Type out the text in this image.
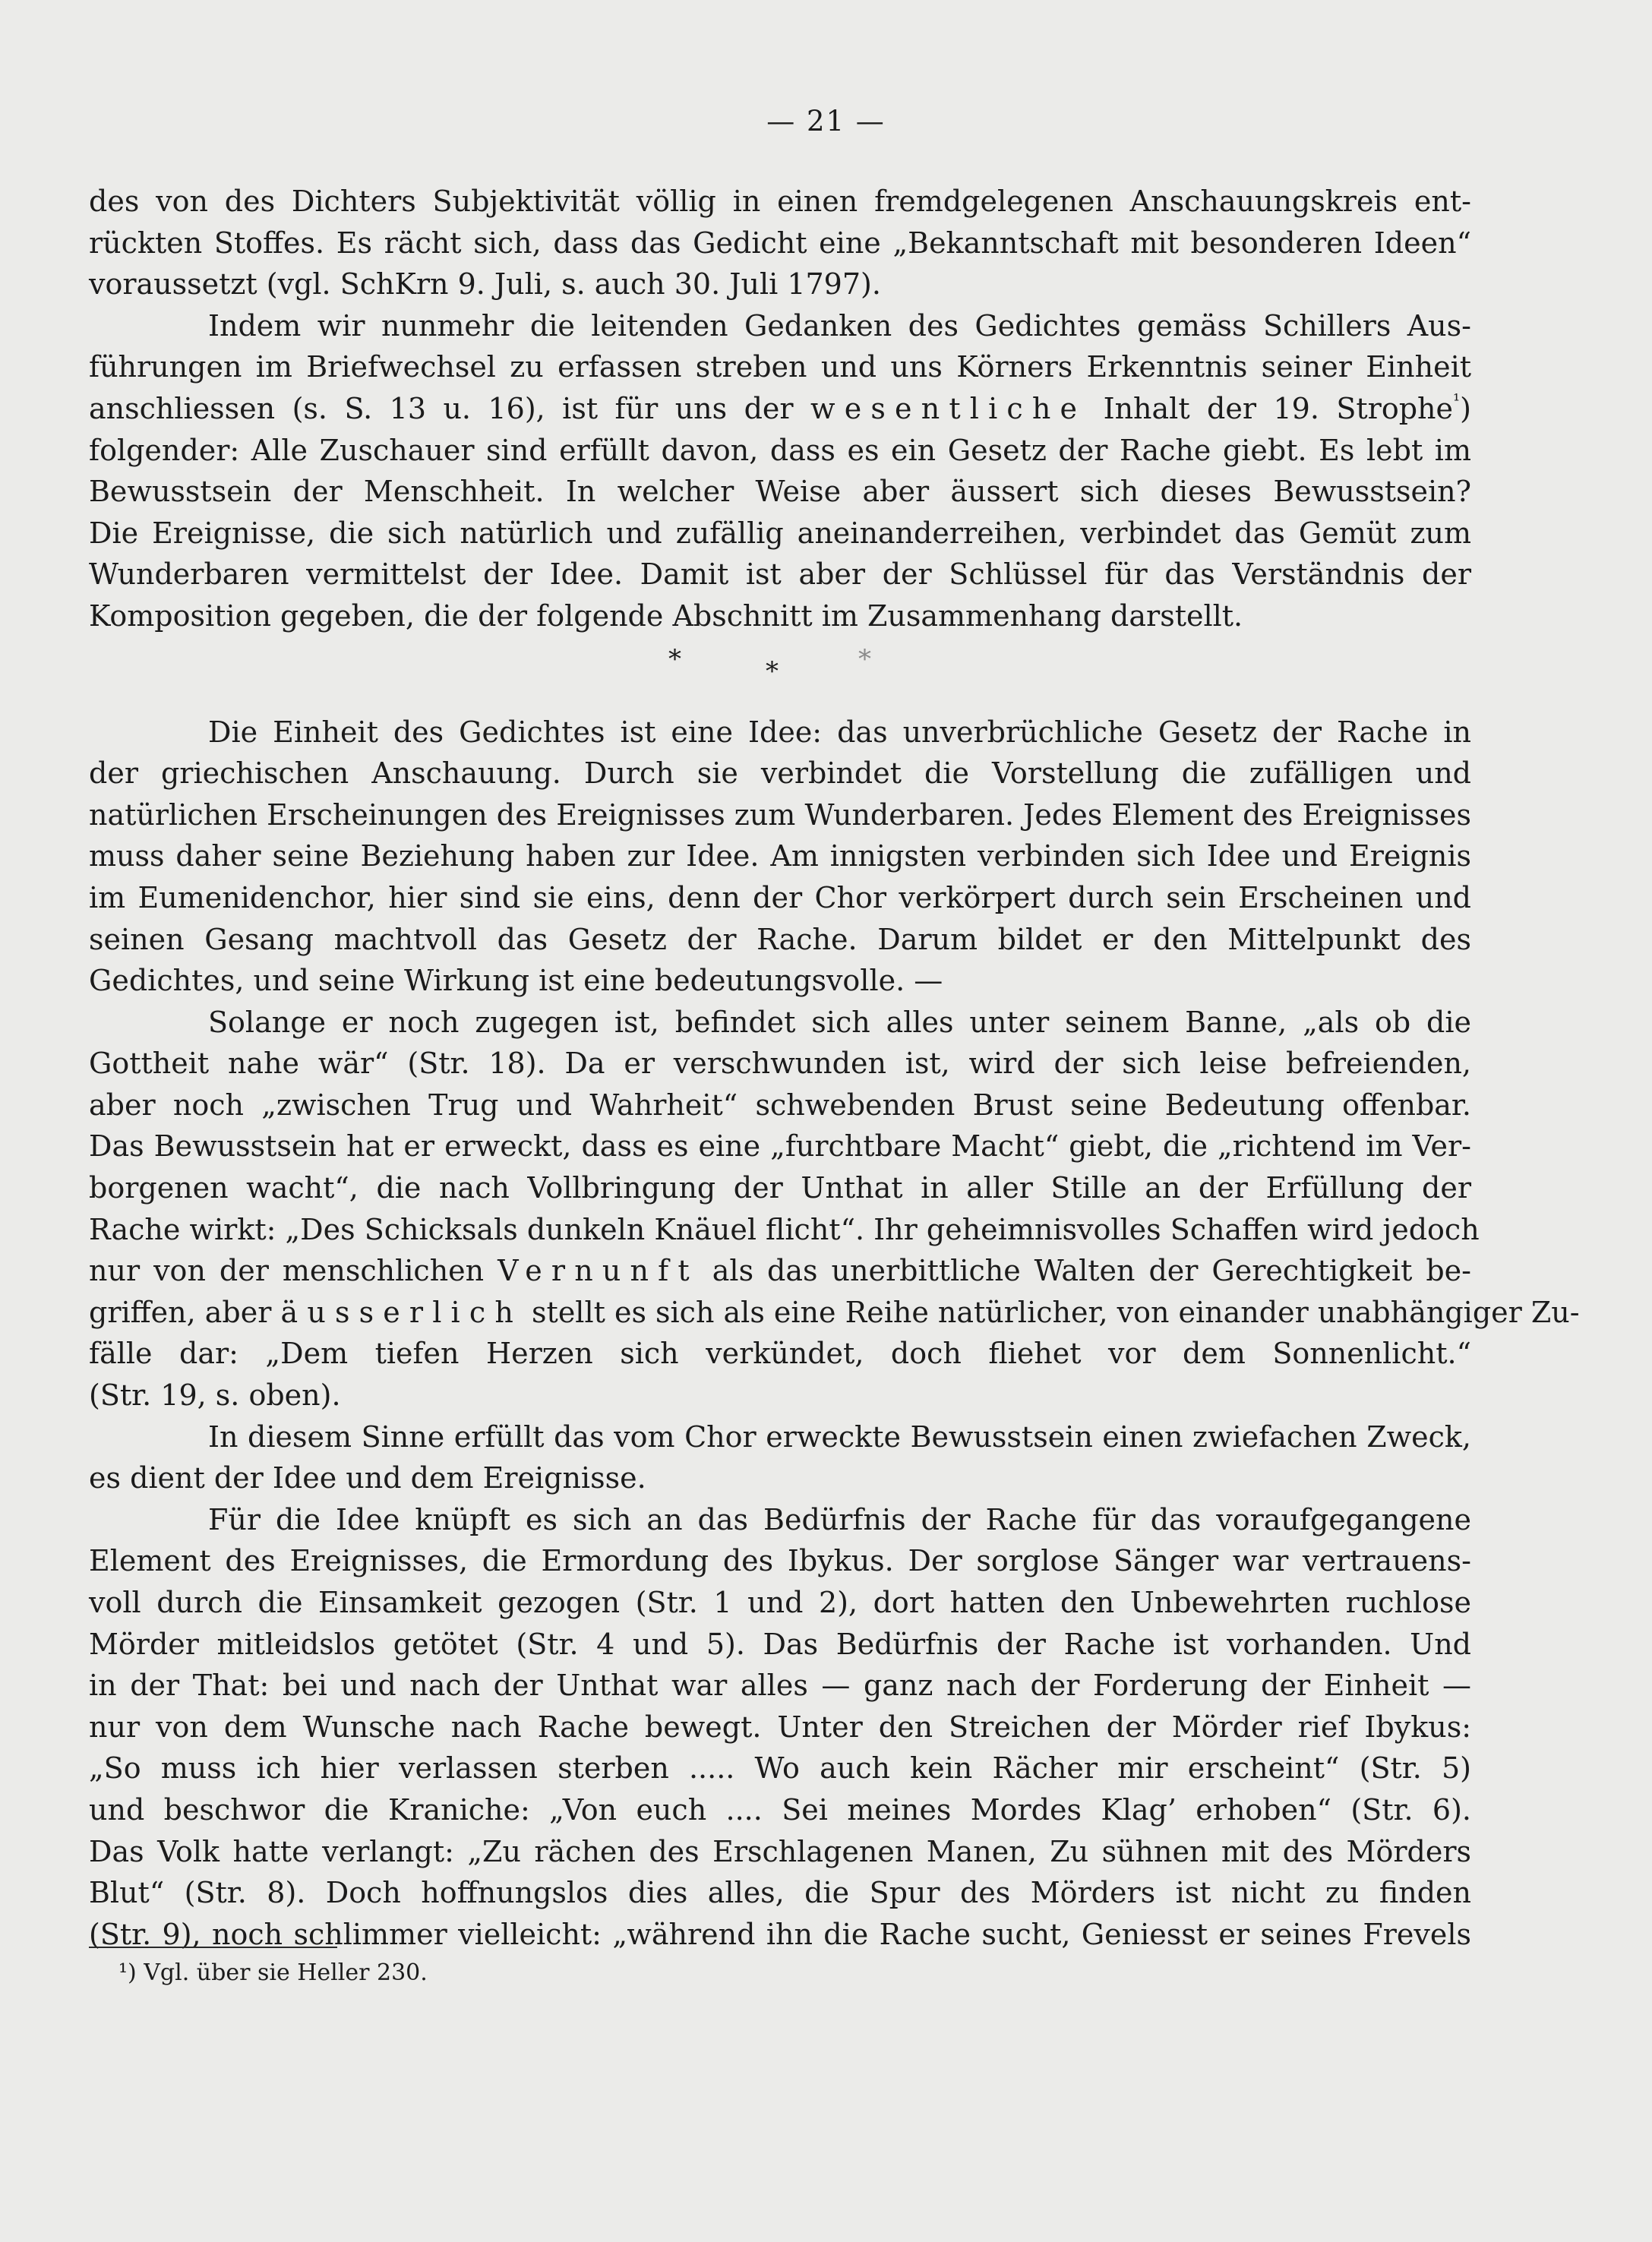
— 21 —
des von des Dichters Subjektivität völlig in einen fremdgelegenen Anschauungskreis ent-
rückten Stoffes. Es rächt sich, dass das Gedicht eine „Bekanntschaft mit besonderen Ideen“
voraussetzt (vgl. SchKrn 9. Juli, s. auch 30. Juli 1797).
Indem wir nunmehr die leitenden Gedanken des Gedichtes gemäss Schillers Aus-
führungen im Briefwechsel zu erfassen streben und uns Körners Erkenntnis seiner Einheit
anschliessen (s. S. 13 u. 16), ist für uns der wesentliche Inhalt der 19. Strophe$^{^1}$)
folgender: Alle Zuschauer sind erfüllt davon, dass es ein Gesetz der Rache giebt. Es lebt im
Bewusstsein der Menschheit. In welcher Weise aber äussert sich dieses Bewusstsein?
Die Ereignisse, die sich natürlich und zufällig aneinanderreihen, verbindet das Gemüt zum
Wunderbaren vermittelst der Idee. Damit ist aber der Schlüssel für das Verständnis der
Komposition gegeben, die der folgende Abschnitt im Zusammenhang darstellt.
Die Einheit des Gedichtes ist eine Idee: das unverbrüchliche Gesetz der Rache in
der griechischen Anschauung. Durch sie verbindet die Vorstellung die zufälligen und
natürlichen Erscheinungen des Ereignisses zum Wunderbaren. Jedes Element des Ereignisses
muss daher seine Beziehung haben zur Idee. Am innigsten verbinden sich Idee und Ereignis
im Eumenidenchor, hier sind sie eins, denn der Chor verkörpert durch sein Erscheinen und
seinen Gesang machtvoll das Gesetz der Rache. Darum bildet er den Mittelpunkt des
Gedichtes, und seine Wirkung ist eine bedeutungsvolle. —
Solange er noch zugegen ist, befindet sich alles unter seinem Banne, „als ob die
Gottheit nahe wär“ (Str. 18). Da er verschwunden ist, wird der sich leise befreienden,
aber noch „zwischen Trug und Wahrheit“ schwebenden Brust seine Bedeutung offenbar.
Das Bewusstsein hat er erweckt, dass es eine „furchtbare Macht“ giebt, die „richtend im Ver-
borgenen wacht“, die nach Vollbringung der Unthat in aller Stille an der Erfüllung der
Rache wirkt: „Des Schicksals dunkeln Knäuel flicht“. Ihr geheimnisvolles Schaffen wird jedoch
nur von der menschlichen Vernunft als das unerbittliche Walten der Gerechtigkeit be-
griffen, aber äusserlich stellt es sich als eine Reihe natürlicher, von einander unabhängiger Zu-
fälle dar: „Dem tiefen Herzen sich verkündet, doch fliehet vor dem Sonnenlicht.“
(Str. 19, s. oben).
In diesem Sinne erfüllt das vom Chor erweckte Bewusstsein einen zwiefachen Zweck,
es dient der Idee und dem Ereignisse.
Für die Idee knüpft es sich an das Bedürfnis der Rache für das voraufgegangene
Element des Ereignisses, die Ermordung des Ibykus. Der sorglose Sänger war vertrauens-
voll durch die Einsamkeit gezogen (Str. 1 und 2), dort hatten den Unbewehrten ruchlose
Mörder mitleidslos getötet (Str. 4 und 5). Das Bedürfnis der Rache ist vorhanden. Und
in der That: bei und nach der Unthat war alles — ganz nach der Forderung der Einheit —
nur von dem Wunsche nach Rache bewegt. Unter den Streichen der Mörder rief Ibykus:
„So muss ich hier verlassen sterben ..... Wo auch kein Rächer mir erscheint“ (Str. 5)
und beschwor die Kraniche: „Von euch .... Sei meines Mordes Klag’ erhoben“ (Str. 6).
Das Volk hatte verlangt: „Zu rächen des Erschlagenen Manen, Zu sühnen mit des Mörders
Blut“ (Str. 8). Doch hoffnungslos dies alles, die Spur des Mörders ist nicht zu finden
(Str. 9), noch schlimmer vielleicht: „während ihn die Rache sucht, Geniesst er seines Frevels
*	*	*
¹) Vgl. über sie Heller 230.
